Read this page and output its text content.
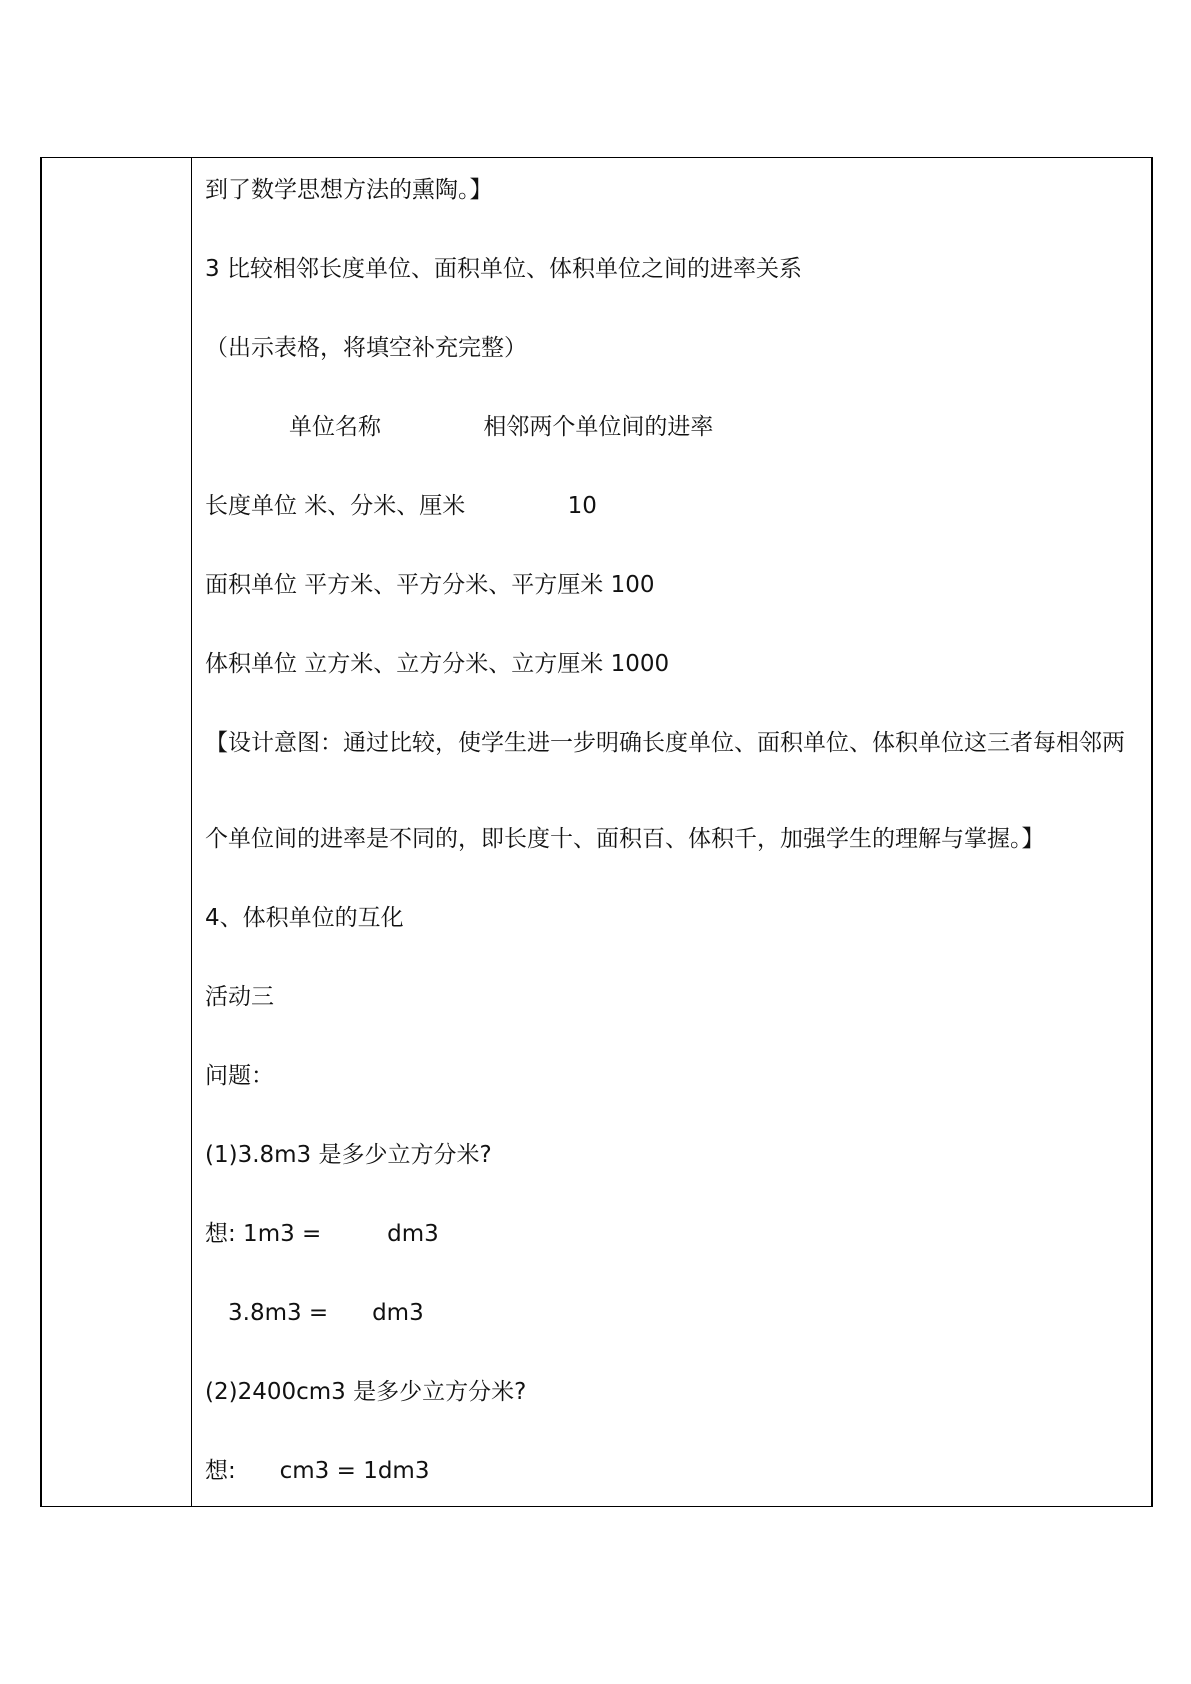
到了数学思想方法的熏陶。】
3 比较相邻长度单位、面积单位、体积单位之间的进率关系
（出示表格，将填空补充完整）
单位名称              相邻两个单位间的进率
长度单位 米、分米、厘米              10
面积单位 平方米、平方分米、平方厘米 100
体积单位 立方米、立方分米、立方厘米 1000
【设计意图：通过比较，使学生进一步明确长度单位、面积单位、体积单位这三者每相邻两
个单位间的进率是不同的，即长度十、面积百、体积千，加强学生的理解与掌握。】
4、体积单位的互化
活动三
问题：
(1)3.8m3 是多少立方分米?
想: 1m3 =         dm3
3.8m3 =      dm3
(2)2400cm3 是多少立方分米?
想:      cm3 = 1dm3
